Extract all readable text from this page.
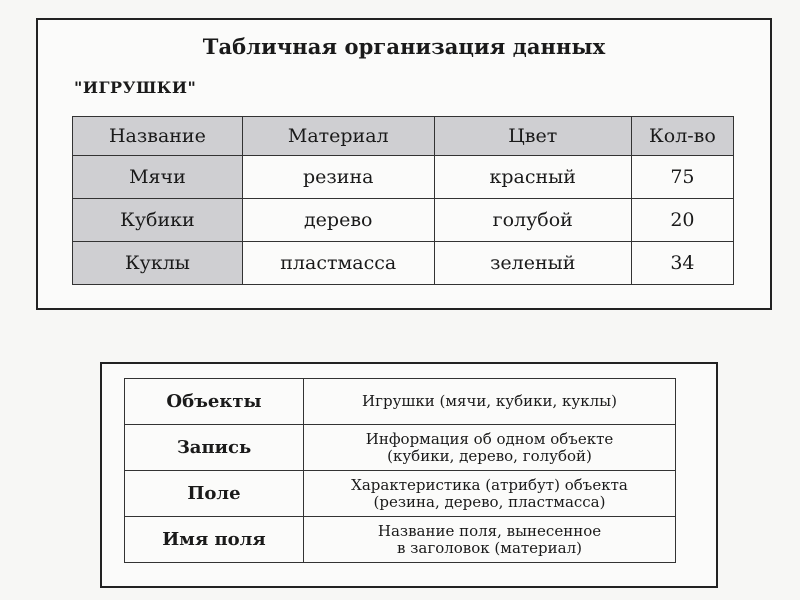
Табличная организация данных
"ИГРУШКИ"
Название	Материал	Цвет	Кол-во
Мячи	резина	красный	75
Кубики	дерево	голубой	20
Куклы	пластмасса	зеленый	34
Объекты	Игрушки (мячи, кубики, куклы)

Запись	Информация об одном объекте
(кубики, дерево, голубой)

Поле	Характеристика (атрибут) объекта
(резина, дерево, пластмасса)

Имя поля	Название поля, вынесенное
в заголовок (материал)
